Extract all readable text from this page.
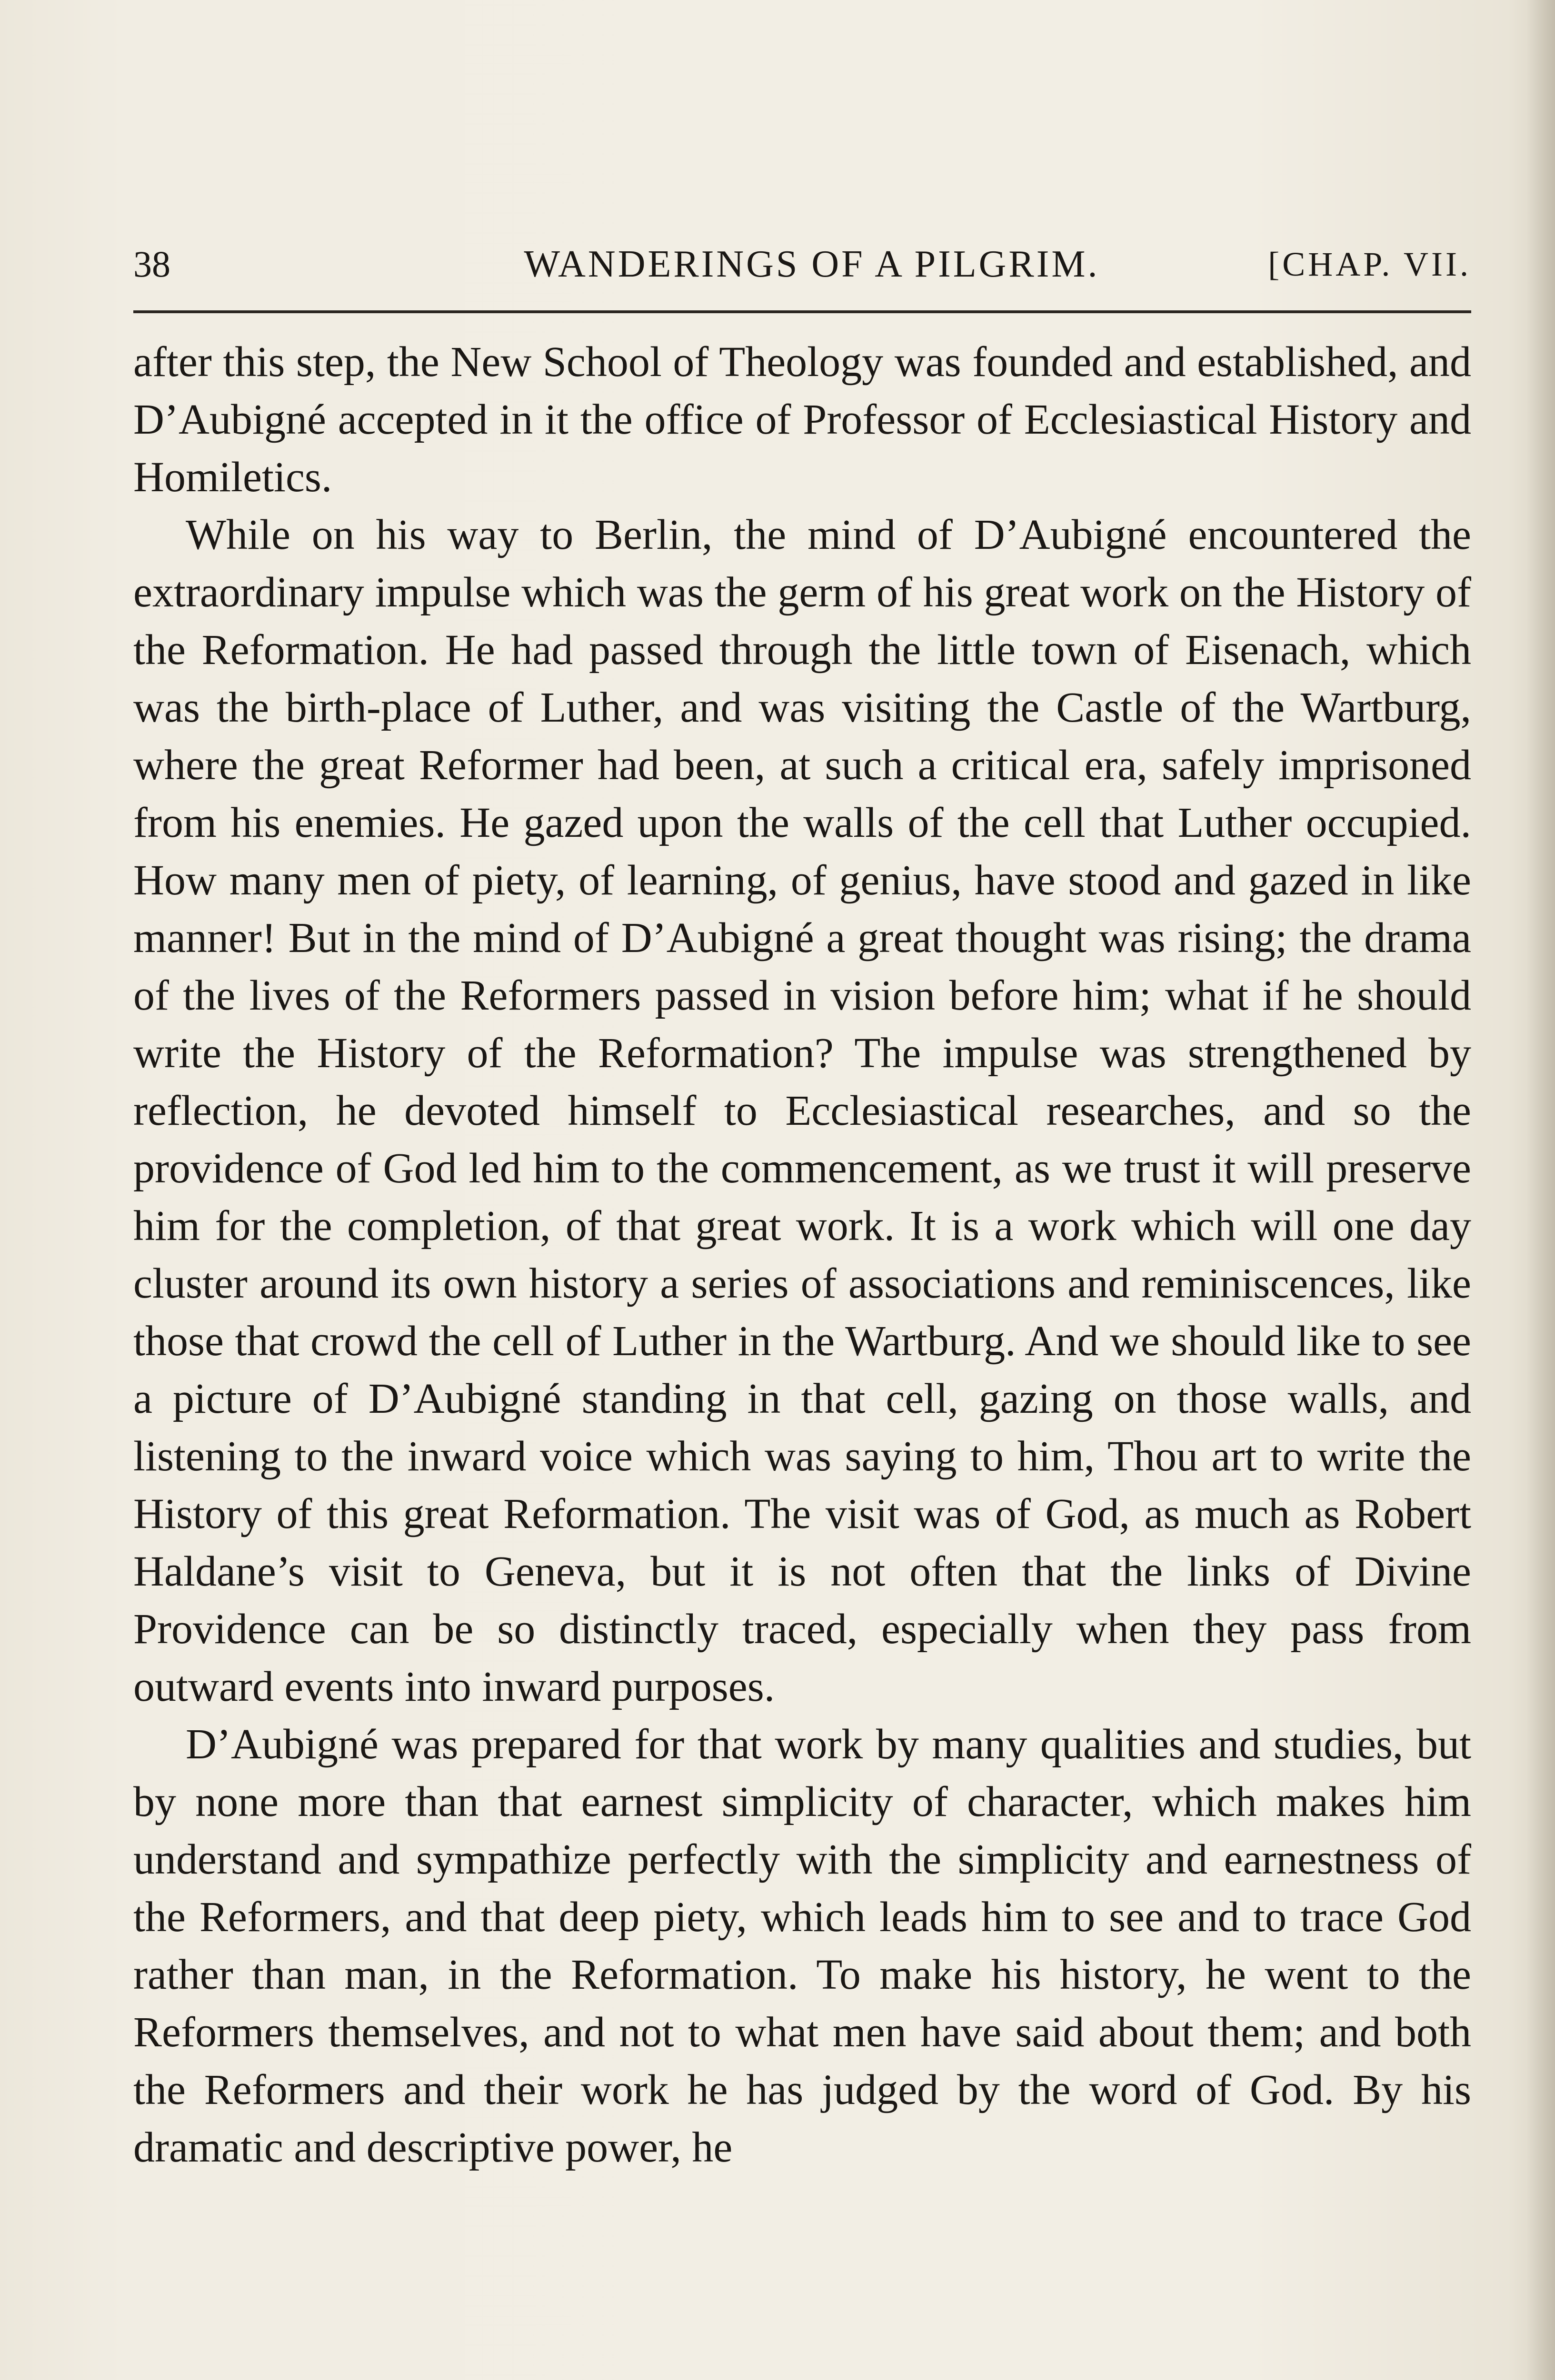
38	WANDERINGS OF A PILGRIM.	[CHAP. VII.

after this step, the New School of Theology was founded and established, and D’Aubigné accepted in it the office of Professor of Ecclesiastical History and Homiletics.

While on his way to Berlin, the mind of D’Aubigné encountered the extraordinary impulse which was the germ of his great work on the History of the Reformation. He had passed through the little town of Eisenach, which was the birth-place of Luther, and was visiting the Castle of the Wartburg, where the great Reformer had been, at such a critical era, safely imprisoned from his enemies. He gazed upon the walls of the cell that Luther occupied. How many men of piety, of learning, of genius, have stood and gazed in like manner! But in the mind of D’Aubigné a great thought was rising; the drama of the lives of the Reformers passed in vision before him; what if he should write the History of the Reformation? The impulse was strengthened by reflection, he devoted himself to Ecclesiastical researches, and so the providence of God led him to the commencement, as we trust it will preserve him for the completion, of that great work. It is a work which will one day cluster around its own history a series of associations and reminiscences, like those that crowd the cell of Luther in the Wartburg. And we should like to see a picture of D’Aubigné standing in that cell, gazing on those walls, and listening to the inward voice which was saying to him, Thou art to write the History of this great Reformation. The visit was of God, as much as Robert Haldane’s visit to Geneva, but it is not often that the links of Divine Providence can be so distinctly traced, especially when they pass from outward events into inward purposes.

D’Aubigné was prepared for that work by many qualities and studies, but by none more than that earnest simplicity of character, which makes him understand and sympathize perfectly with the simplicity and earnestness of the Reformers, and that deep piety, which leads him to see and to trace God rather than man, in the Reformation. To make his history, he went to the Reformers themselves, and not to what men have said about them; and both the Reformers and their work he has judged by the word of God. By his dramatic and descriptive power, he
